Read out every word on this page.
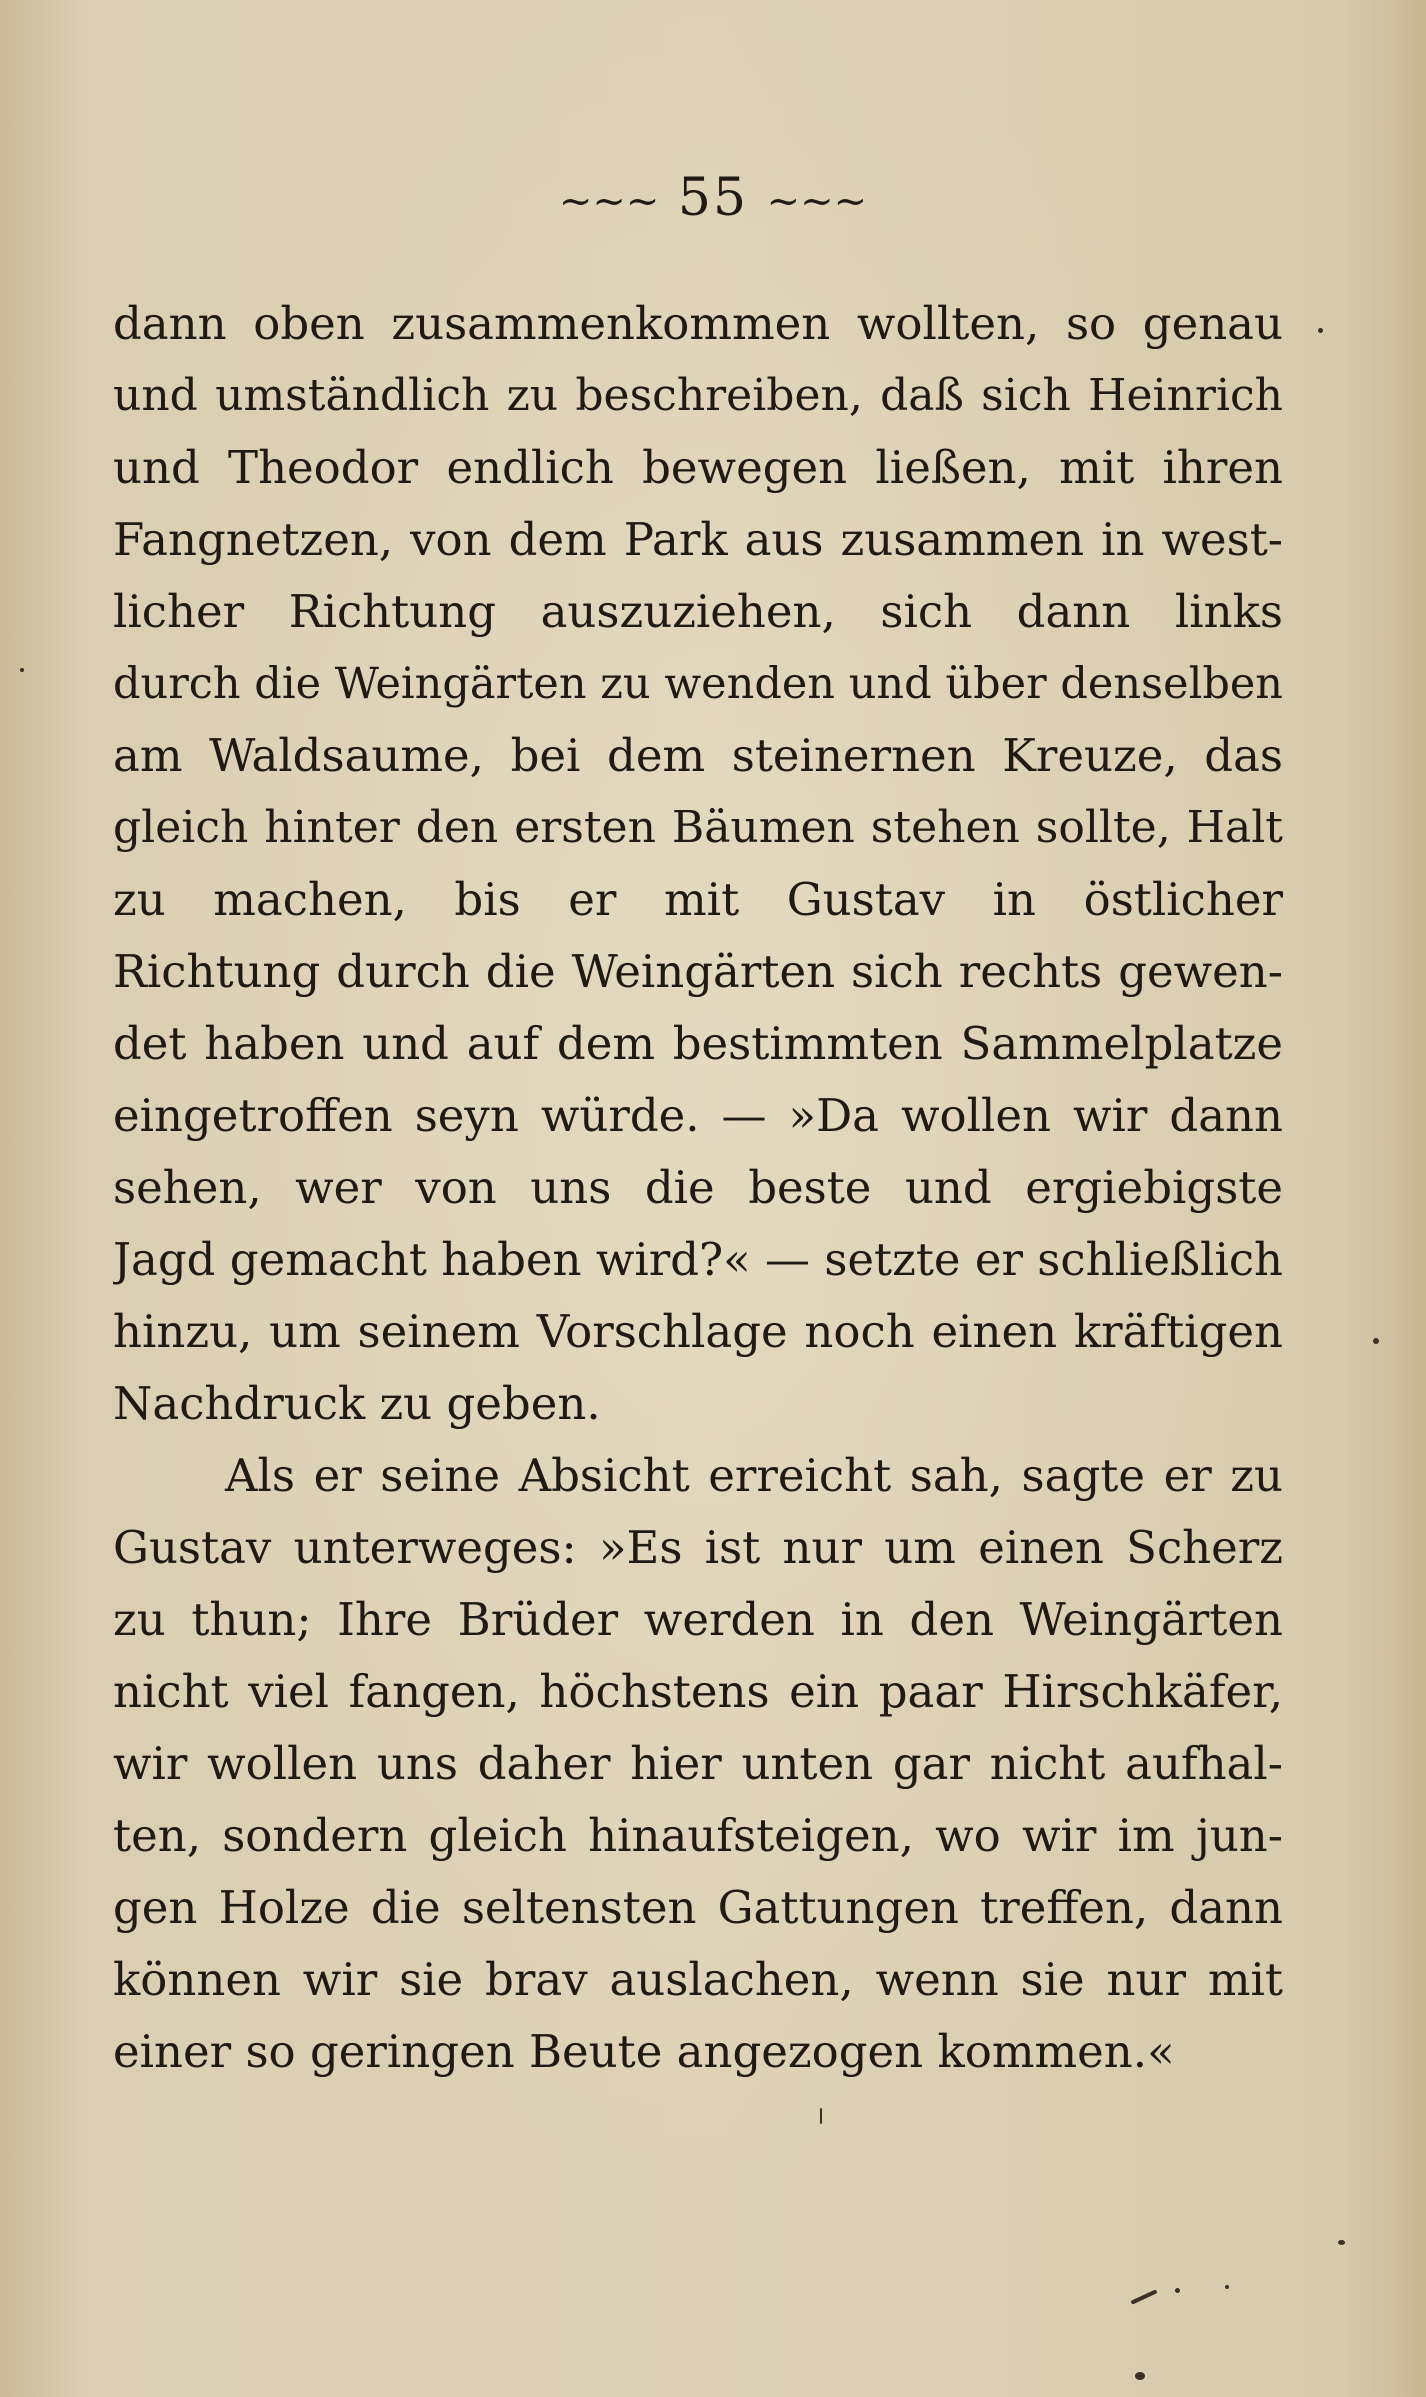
~~~ 55 ~~~
dann oben zusammenkommen wollten, so genau
und umständlich zu beschreiben, daß sich Heinrich
und Theodor endlich bewegen ließen, mit ihren
Fangnetzen, von dem Park aus zusammen in west-
licher Richtung auszuziehen, sich dann links
durch die Weingärten zu wenden und über denselben
am Waldsaume, bei dem steinernen Kreuze, das
gleich hinter den ersten Bäumen stehen sollte, Halt
zu machen, bis er mit Gustav in östlicher
Richtung durch die Weingärten sich rechts gewen-
det haben und auf dem bestimmten Sammelplatze
eingetroffen seyn würde. — »Da wollen wir dann
sehen, wer von uns die beste und ergiebigste
Jagd gemacht haben wird?« — setzte er schließlich
hinzu, um seinem Vorschlage noch einen kräftigen
Nachdruck zu geben.
Als er seine Absicht erreicht sah, sagte er zu
Gustav unterweges: »Es ist nur um einen Scherz
zu thun; Ihre Brüder werden in den Weingärten
nicht viel fangen, höchstens ein paar Hirschkäfer,
wir wollen uns daher hier unten gar nicht aufhal-
ten, sondern gleich hinaufsteigen, wo wir im jun-
gen Holze die seltensten Gattungen treffen, dann
können wir sie brav auslachen, wenn sie nur mit
einer so geringen Beute angezogen kommen.«
